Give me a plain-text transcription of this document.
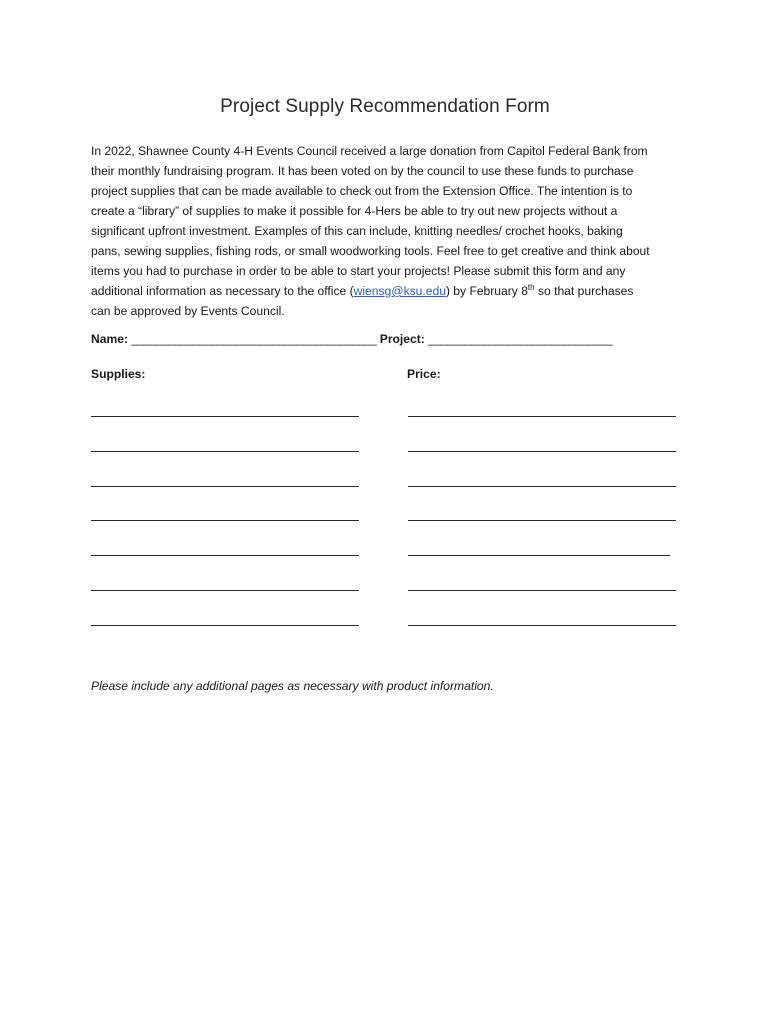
Project Supply Recommendation Form
In 2022, Shawnee County 4-H Events Council received a large donation from Capitol Federal Bank from
their monthly fundraising program. It has been voted on by the council to use these funds to purchase
project supplies that can be made available to check out from the Extension Office. The intention is to
create a “library” of supplies to make it possible for 4-Hers be able to try out new projects without a
significant upfront investment. Examples of this can include, knitting needles/ crochet hooks, baking
pans, sewing supplies, fishing rods, or small woodworking tools. Feel free to get creative and think about
items you had to purchase in order to be able to start your projects! Please submit this form and any
additional information as necessary to the office (wiensg@ksu.edu) by February 8th so that purchases
can be approved by Events Council.
Name: ________________________________________ Project: ______________________________
Supplies:	Price:
Please include any additional pages as necessary with product information.
